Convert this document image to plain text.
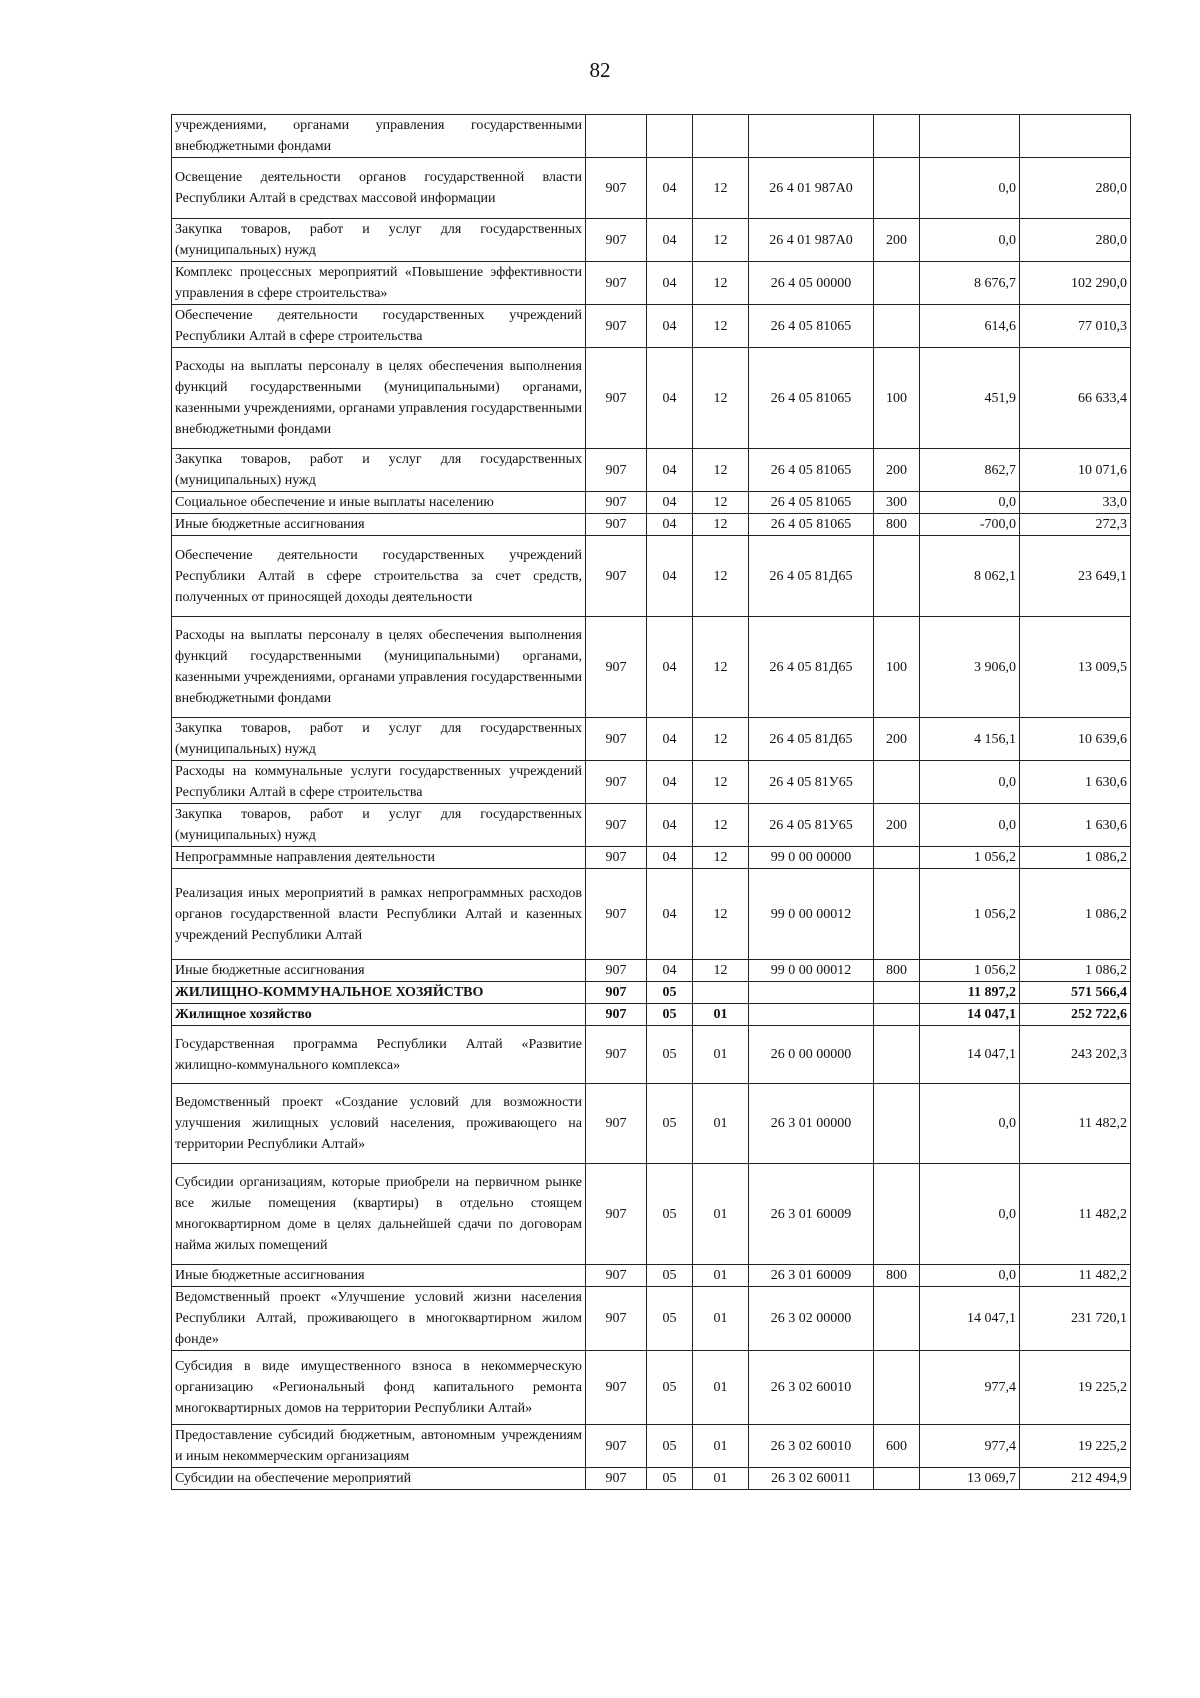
82
учреждениями, органами управления государственными внебюджетными фондами							
Освещение деятельности органов государственной власти Республики Алтай в средствах массовой информации	907	04	12	26 4 01 987А0		0,0	280,0
Закупка товаров, работ и услуг для государственных (муниципальных) нужд	907	04	12	26 4 01 987А0	200	0,0	280,0
Комплекс процессных мероприятий «Повышение эффективности управления в сфере строительства»	907	04	12	26 4 05 00000		8 676,7	102 290,0
Обеспечение деятельности государственных учреждений Республики Алтай в сфере строительства	907	04	12	26 4 05 81065		614,6	77 010,3
Расходы на выплаты персоналу в целях обеспечения выполнения функций государственными (муниципальными) органами, казенными учреждениями, органами управления государственными внебюджетными фондами	907	04	12	26 4 05 81065	100	451,9	66 633,4
Закупка товаров, работ и услуг для государственных (муниципальных) нужд	907	04	12	26 4 05 81065	200	862,7	10 071,6
Социальное обеспечение и иные выплаты населению	907	04	12	26 4 05 81065	300	0,0	33,0
Иные бюджетные ассигнования	907	04	12	26 4 05 81065	800	-700,0	272,3
Обеспечение деятельности государственных учреждений Республики Алтай в сфере строительства за счет средств, полученных от приносящей доходы деятельности	907	04	12	26 4 05 81Д65		8 062,1	23 649,1
Расходы на выплаты персоналу в целях обеспечения выполнения функций государственными (муниципальными) органами, казенными учреждениями, органами управления государственными внебюджетными фондами	907	04	12	26 4 05 81Д65	100	3 906,0	13 009,5
Закупка товаров, работ и услуг для государственных (муниципальных) нужд	907	04	12	26 4 05 81Д65	200	4 156,1	10 639,6
Расходы на коммунальные услуги государственных учреждений Республики Алтай в сфере строительства	907	04	12	26 4 05 81У65		0,0	1 630,6
Закупка товаров, работ и услуг для государственных (муниципальных) нужд	907	04	12	26 4 05 81У65	200	0,0	1 630,6
Непрограммные направления деятельности	907	04	12	99 0 00 00000		1 056,2	1 086,2
Реализация иных мероприятий в рамках непрограммных расходов органов государственной власти Республики Алтай и казенных учреждений Республики Алтай	907	04	12	99 0 00 00012		1 056,2	1 086,2
Иные бюджетные ассигнования	907	04	12	99 0 00 00012	800	1 056,2	1 086,2
ЖИЛИЩНО-КОММУНАЛЬНОЕ ХОЗЯЙСТВО	907	05				11 897,2	571 566,4
Жилищное хозяйство	907	05	01			14 047,1	252 722,6
Государственная программа Республики Алтай «Развитие жилищно-коммунального комплекса»	907	05	01	26 0 00 00000		14 047,1	243 202,3
Ведомственный проект «Создание условий для возможности улучшения жилищных условий населения, проживающего на территории Республики Алтай»	907	05	01	26 3 01 00000		0,0	11 482,2
Субсидии организациям, которые приобрели на первичном рынке все жилые помещения (квартиры) в отдельно стоящем многоквартирном доме в целях дальнейшей сдачи по договорам найма жилых помещений	907	05	01	26 3 01 60009		0,0	11 482,2
Иные бюджетные ассигнования	907	05	01	26 3 01 60009	800	0,0	11 482,2
Ведомственный проект «Улучшение условий жизни населения Республики Алтай, проживающего в многоквартирном жилом фонде»	907	05	01	26 3 02 00000		14 047,1	231 720,1
Субсидия в виде имущественного взноса в некоммерческую организацию «Региональный фонд капитального ремонта многоквартирных домов на территории Республики Алтай»	907	05	01	26 3 02 60010		977,4	19 225,2
Предоставление субсидий бюджетным, автономным учреждениям и иным некоммерческим организациям	907	05	01	26 3 02 60010	600	977,4	19 225,2
Субсидии на обеспечение мероприятий	907	05	01	26 3 02 60011		13 069,7	212 494,9
